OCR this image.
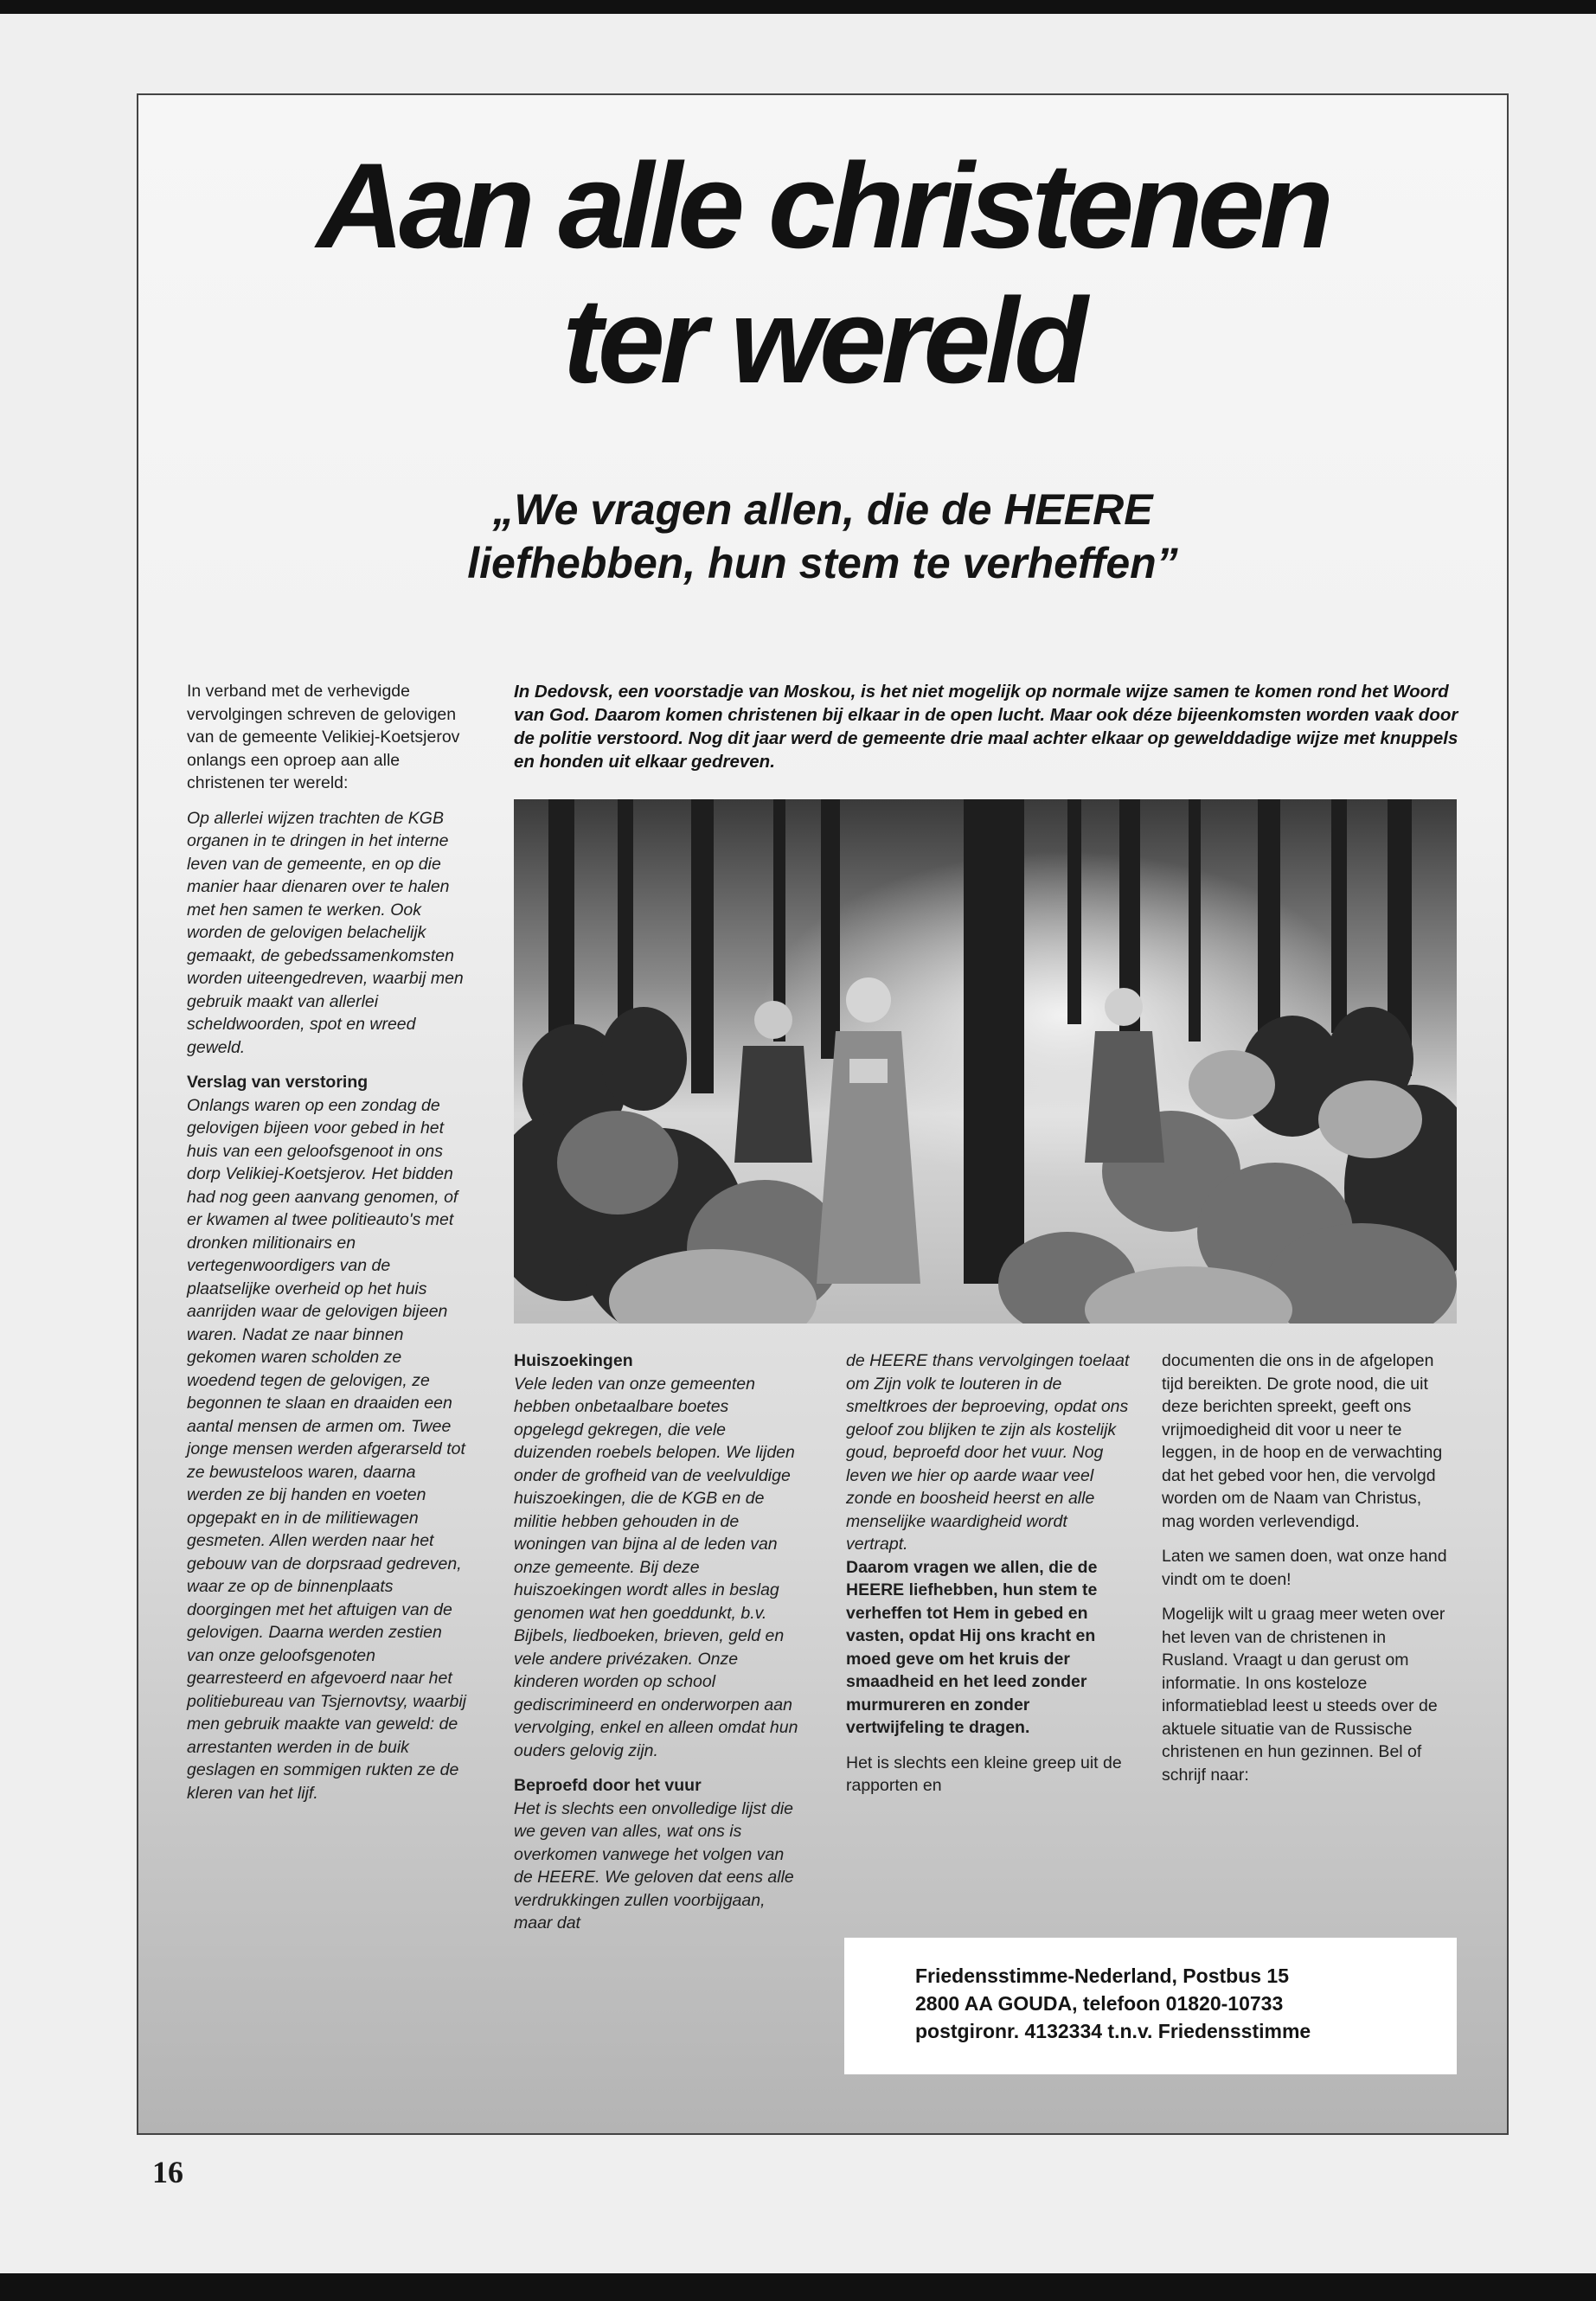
Aan alle christenen
ter wereld
„We vragen allen, die de HEERE
liefhebben, hun stem te verheffen”

In verband met de verhevigde vervolgingen schreven de gelovigen van de gemeente Velikiej-Koetsjerov onlangs een oproep aan alle christenen ter wereld:

Op allerlei wijzen trachten de KGB organen in te dringen in het interne leven van de gemeente, en op die manier haar dienaren over te halen met hen samen te werken. Ook worden de gelovigen belachelijk gemaakt, de gebedssamenkomsten worden uiteengedreven, waarbij men gebruik maakt van allerlei scheldwoorden, spot en wreed geweld.

Verslag van verstoring

Onlangs waren op een zondag de gelovigen bijeen voor gebed in het huis van een geloofsgenoot in ons dorp Velikiej-Koetsjerov. Het bidden had nog geen aanvang genomen, of er kwamen al twee politieauto's met dronken militionairs en vertegenwoordigers van de plaatselijke overheid op het huis aanrijden waar de gelovigen bijeen waren. Nadat ze naar binnen gekomen waren scholden ze woedend tegen de gelovigen, ze begonnen te slaan en draaiden een aantal mensen de armen om. Twee jonge mensen werden afgerarseld tot ze bewusteloos waren, daarna werden ze bij handen en voeten opgepakt en in de militiewagen gesmeten. Allen werden naar het gebouw van de dorpsraad gedreven, waar ze op de binnenplaats doorgingen met het aftuigen van de gelovigen. Daarna werden zestien van onze geloofsgenoten gearresteerd en afgevoerd naar het politiebureau van Tsjernovtsy, waarbij men gebruik maakte van geweld: de arrestanten werden in de buik geslagen en sommigen rukten ze de kleren van het lijf.

In Dedovsk, een voorstadje van Moskou, is het niet mogelijk op normale wijze samen te komen rond het Woord van God. Daarom komen christenen bij elkaar in de open lucht. Maar ook déze bijeenkomsten worden vaak door de politie verstoord. Nog dit jaar werd de gemeente drie maal achter elkaar op gewelddadige wijze met knuppels en honden uit elkaar gedreven.
Huiszoekingen

Vele leden van onze gemeenten hebben onbetaalbare boetes opgelegd gekregen, die vele duizenden roebels belopen. We lijden onder de grofheid van de veelvuldige huiszoekingen, die de KGB en de militie hebben gehouden in de woningen van bijna al de leden van onze gemeente. Bij deze huiszoekingen wordt alles in beslag genomen wat hen goeddunkt, b.v. Bijbels, liedboeken, brieven, geld en vele andere privézaken. Onze kinderen worden op school gediscrimineerd en onderworpen aan vervolging, enkel en alleen omdat hun ouders gelovig zijn.

Beproefd door het vuur

Het is slechts een onvolledige lijst die we geven van alles, wat ons is overkomen vanwege het volgen van de HEERE. We geloven dat eens alle verdrukkingen zullen voorbijgaan, maar dat

de HEERE thans vervolgingen toelaat om Zijn volk te louteren in de smeltkroes der beproeving, opdat ons geloof zou blijken te zijn als kostelijk goud, beproefd door het vuur. Nog leven we hier op aarde waar veel zonde en boosheid heerst en alle menselijke waardigheid wordt vertrapt.

Daarom vragen we allen, die de HEERE liefhebben, hun stem te verheffen tot Hem in gebed en vasten, opdat Hij ons kracht en moed geve om het kruis der smaadheid en het leed zonder murmureren en zonder vertwijfeling te dragen.

Het is slechts een kleine greep uit de rapporten en

documenten die ons in de afgelopen tijd bereikten. De grote nood, die uit deze berichten spreekt, geeft ons vrijmoedigheid dit voor u neer te leggen, in de hoop en de verwachting dat het gebed voor hen, die vervolgd worden om de Naam van Christus, mag worden verlevendigd.

Laten we samen doen, wat onze hand vindt om te doen!

Mogelijk wilt u graag meer weten over het leven van de christenen in Rusland. Vraagt u dan gerust om informatie. In ons kosteloze informatieblad leest u steeds over de aktuele situatie van de Russische christenen en hun gezinnen. Bel of schrijf naar:

Friedensstimme-Nederland, Postbus 15
2800 AA GOUDA, telefoon 01820-10733
postgironr. 4132334 t.n.v. Friedensstimme
16
